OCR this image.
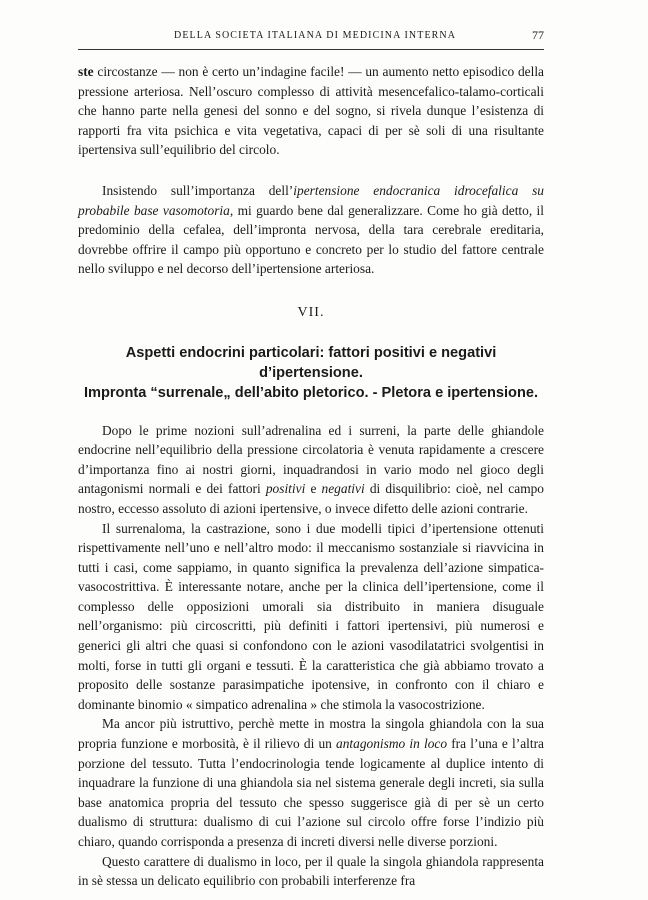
DELLA SOCIETA ITALIANA DI MEDICINA INTERNA	77

ste circostanze — non è certo un’indagine facile! — un aumento netto episodico della pressione arteriosa. Nell’oscuro complesso di attività mesencefalico-talamo-corticali che hanno parte nella genesi del sonno e del sogno, si rivela dunque l’esistenza di rapporti fra vita psichica e vita vegetativa, capaci di per sè soli di una risultante ipertensiva sull’equilibrio del circolo.

Insistendo sull’importanza dell’ipertensione endocranica idrocefalica su probabile base vasomotoria, mi guardo bene dal generalizzare. Come ho già detto, il predominio della cefalea, dell’impronta nervosa, della tara cerebrale ereditaria, dovrebbe offrire il campo più opportuno e concreto per lo studio del fattore centrale nello sviluppo e nel decorso dell’ipertensione arteriosa.

VII.
Aspetti endocrini particolari: fattori positivi e negativi d’ipertensione.
Impronta “surrenale„ dell’abito pletorico. - Pletora e ipertensione.

Dopo le prime nozioni sull’adrenalina ed i surreni, la parte delle ghiandole endocrine nell’equilibrio della pressione circolatoria è venuta rapidamente a crescere d’importanza fino ai nostri giorni, inquadrandosi in vario modo nel gioco degli antagonismi normali e dei fattori positivi e negativi di disquilibrio: cioè, nel campo nostro, eccesso assoluto di azioni ipertensive, o invece difetto delle azioni contrarie.

Il surrenaloma, la castrazione, sono i due modelli tipici d’ipertensione ottenuti rispettivamente nell’uno e nell’altro modo: il meccanismo sostanziale si riavvicina in tutti i casi, come sappiamo, in quanto significa la prevalenza dell’azione simpatica-vasocostrittiva. È interessante notare, anche per la clinica dell’ipertensione, come il complesso delle opposizioni umorali sia distribuito in maniera disuguale nell’organismo: più circoscritti, più definiti i fattori ipertensivi, più numerosi e generici gli altri che quasi si confondono con le azioni vasodilatatrici svolgentisi in molti, forse in tutti gli organi e tessuti. È la caratteristica che già abbiamo trovato a proposito delle sostanze parasimpatiche ipotensive, in confronto con il chiaro e dominante binomio « simpatico adrenalina » che stimola la vasocostrizione.

Ma ancor più istruttivo, perchè mette in mostra la singola ghiandola con la sua propria funzione e morbosità, è il rilievo di un antagonismo in loco fra l’una e l’altra porzione del tessuto. Tutta l’endocrinologia tende logicamente al duplice intento di inquadrare la funzione di una ghiandola sia nel sistema generale degli increti, sia sulla base anatomica propria del tessuto che spesso suggerisce già di per sè un certo dualismo di struttura: dualismo di cui l’azione sul circolo offre forse l’indizio più chiaro, quando corrisponda a presenza di increti diversi nelle diverse porzioni.

Questo carattere di dualismo in loco, per il quale la singola ghiandola rappresenta in sè stessa un delicato equilibrio con probabili interferenze fra
